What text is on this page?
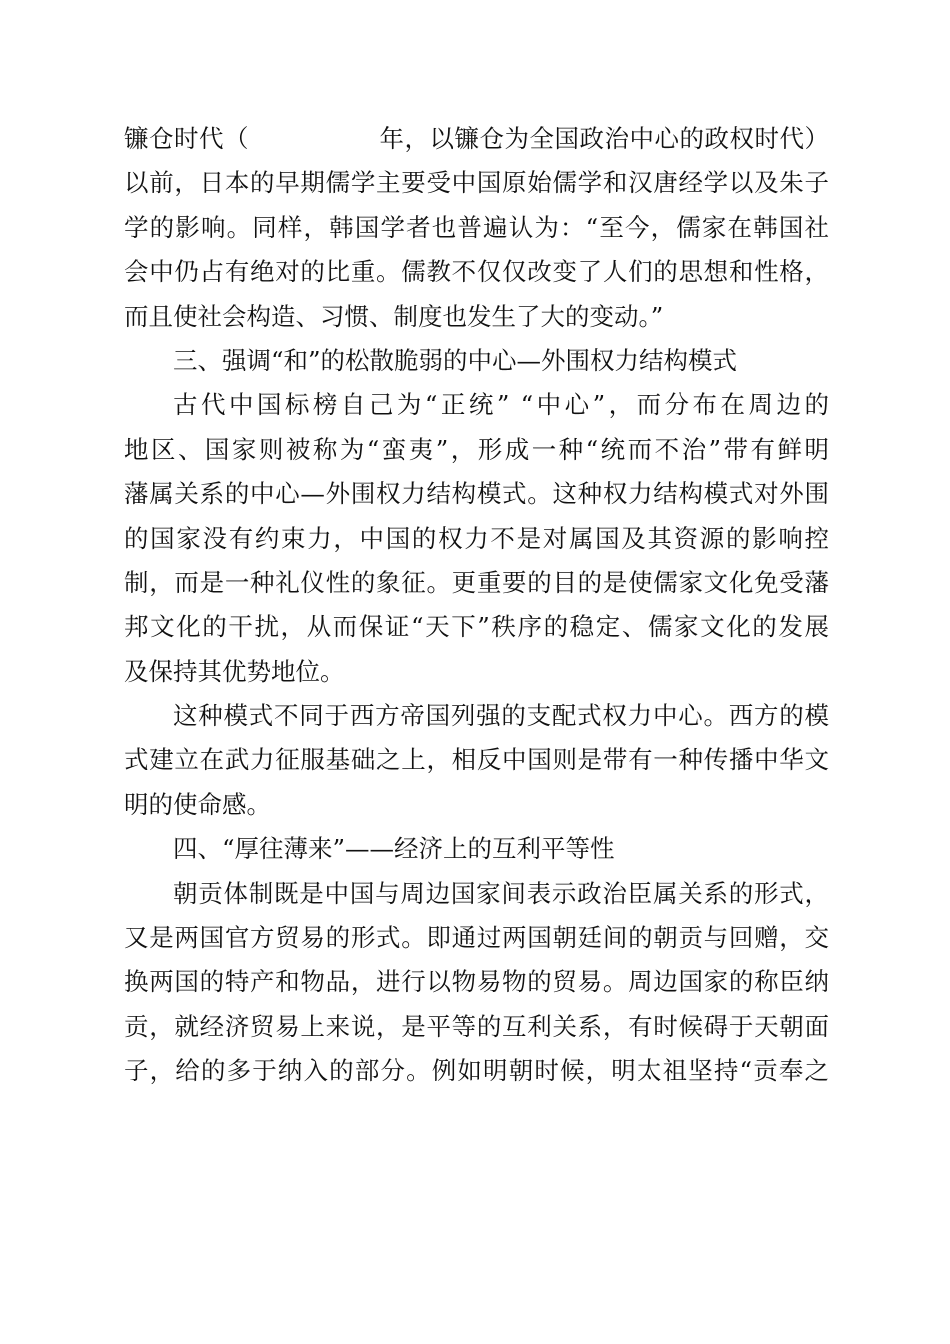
镰仓时代（	年，以镰仓为全国政治中心的政权时代）
以前，日本的早期儒学主要受中国原始儒学和汉唐经学以及朱子
学的影响。同样，韩国学者也普遍认为：“至今，儒家在韩国社
会中仍占有绝对的比重。儒教不仅仅改变了人们的思想和性格，
而且使社会构造、习惯、制度也发生了大的变动。”
三、强调“和”的松散脆弱的中心—外围权力结构模式
古代中国标榜自己为“正统” “中心”，而分布在周边的
地区、国家则被称为“蛮夷”，形成一种“统而不治”带有鲜明
藩属关系的中心—外围权力结构模式。这种权力结构模式对外围
的国家没有约束力，中国的权力不是对属国及其资源的影响控
制，而是一种礼仪性的象征。更重要的目的是使儒家文化免受藩
邦文化的干扰，从而保证“天下”秩序的稳定、儒家文化的发展
及保持其优势地位。
这种模式不同于西方帝国列强的支配式权力中心。西方的模
式建立在武力征服基础之上，相反中国则是带有一种传播中华文
明的使命感。
四、“厚往薄来”——经济上的互利平等性
朝贡体制既是中国与周边国家间表示政治臣属关系的形式，
又是两国官方贸易的形式。即通过两国朝廷间的朝贡与回赠，交
换两国的特产和物品，进行以物易物的贸易。周边国家的称臣纳
贡，就经济贸易上来说，是平等的互利关系，有时候碍于天朝面
子，给的多于纳入的部分。例如明朝时候，明太祖坚持“贡奉之
